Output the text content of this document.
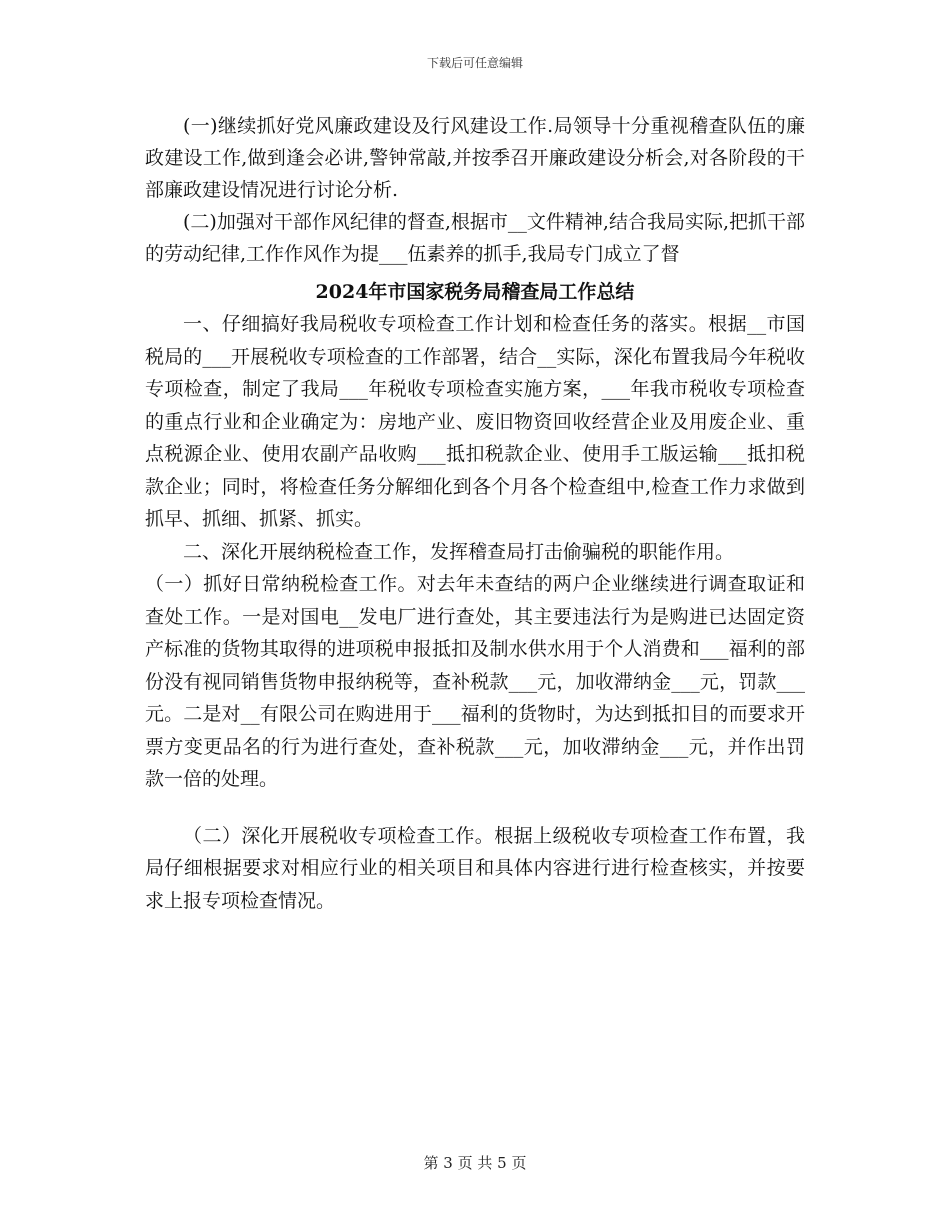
下载后可任意编辑

(一)继续抓好党风廉政建设及行风建设工作.局领导十分重视稽查队伍的廉政建设工作,做到逢会必讲,警钟常敲,并按季召开廉政建设分析会,对各阶段的干部廉政建设情况进行讨论分析.

(二)加强对干部作风纪律的督查,根据市__文件精神,结合我局实际,把抓干部的劳动纪律,工作作风作为提___伍素养的抓手,我局专门成立了督

2024年市国家税务局稽查局工作总结

一、仔细搞好我局税收专项检查工作计划和检查任务的落实。根据__市国税局的___开展税收专项检查的工作部署，结合__实际，深化布置我局今年税收专项检查，制定了我局___年税收专项检查实施方案，___年我市税收专项检查的重点行业和企业确定为：房地产业、废旧物资回收经营企业及用废企业、重点税源企业、使用农副产品收购___抵扣税款企业、使用手工版运输___抵扣税款企业；同时，将检查任务分解细化到各个月各个检查组中,检查工作力求做到抓早、抓细、抓紧、抓实。

二、深化开展纳税检查工作，发挥稽查局打击偷骗税的职能作用。

（一）抓好日常纳税检查工作。对去年未查结的两户企业继续进行调查取证和查处工作。一是对国电__发电厂进行查处，其主要违法行为是购进已达固定资产标准的货物其取得的进项税申报抵扣及制水供水用于个人消费和___福利的部份没有视同销售货物申报纳税等，查补税款___元，加收滞纳金___元，罚款___元。二是对__有限公司在购进用于___福利的货物时，为达到抵扣目的而要求开票方变更品名的行为进行查处，查补税款___元，加收滞纳金___元，并作出罚款一倍的处理。

（二）深化开展税收专项检查工作。根据上级税收专项检查工作布置，我局仔细根据要求对相应行业的相关项目和具体内容进行进行检查核实，并按要求上报专项检查情况。

第 3 页 共 5 页
